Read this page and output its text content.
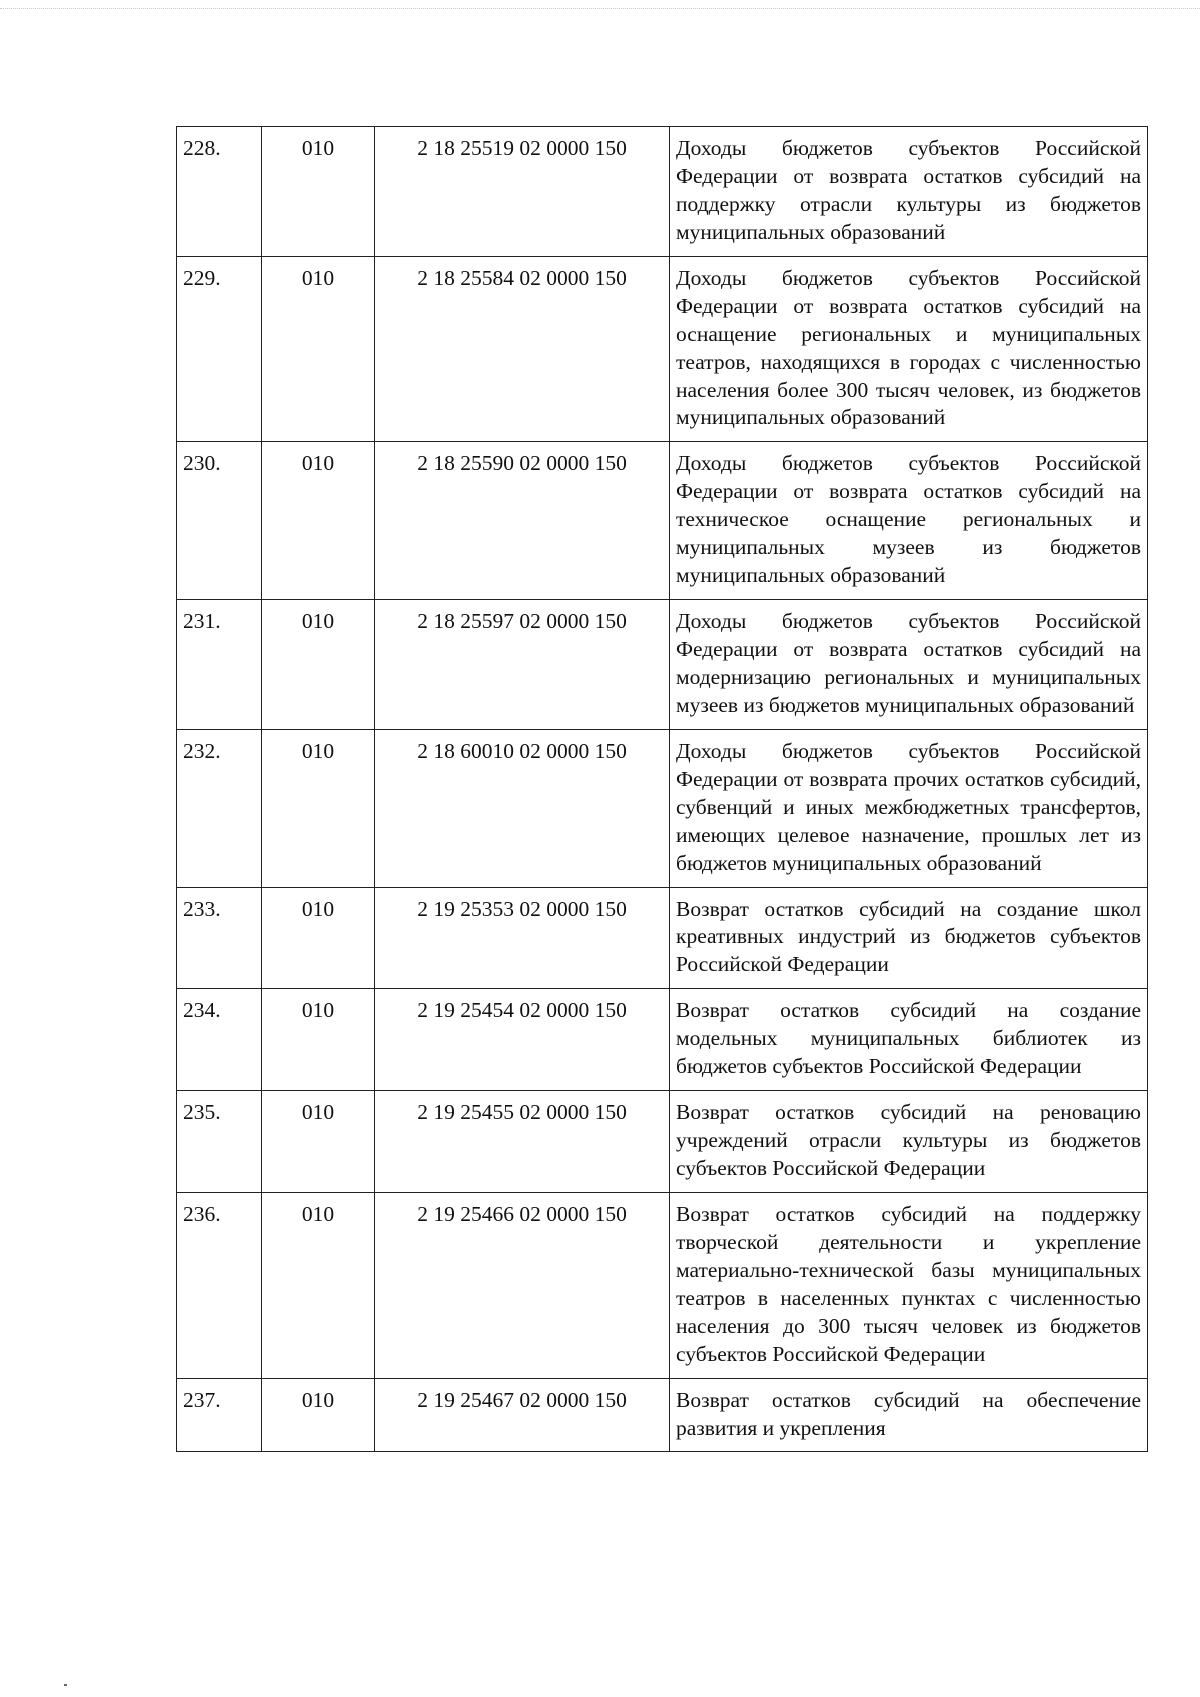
228.	010	2 18 25519 02 0000 150	Доходы бюджетов субъектов Российской Федерации от возврата остатков субсидий на поддержку отрасли культуры из бюджетов муниципальных образований
229.	010	2 18 25584 02 0000 150	Доходы бюджетов субъектов Российской Федерации от возврата остатков субсидий на оснащение региональных и муниципальных театров, находящихся в городах с численностью населения более 300 тысяч человек, из бюджетов муниципальных образований
230.	010	2 18 25590 02 0000 150	Доходы бюджетов субъектов Российской Федерации от возврата остатков субсидий на техническое оснащение региональных и муниципальных музеев из бюджетов муниципальных образований
231.	010	2 18 25597 02 0000 150	Доходы бюджетов субъектов Российской Федерации от возврата остатков субсидий на модернизацию региональных и муниципальных музеев из бюджетов муниципальных образований
232.	010	2 18 60010 02 0000 150	Доходы бюджетов субъектов Российской Федерации от возврата прочих остатков субсидий, субвенций и иных межбюджетных трансфертов, имеющих целевое назначение, прошлых лет из бюджетов муниципальных образований
233.	010	2 19 25353 02 0000 150	Возврат остатков субсидий на создание школ креативных индустрий из бюджетов субъектов Российской Федерации
234.	010	2 19 25454 02 0000 150	Возврат остатков субсидий на создание модельных муниципальных библиотек из бюджетов субъектов Российской Федерации
235.	010	2 19 25455 02 0000 150	Возврат остатков субсидий на реновацию учреждений отрасли культуры из бюджетов субъектов Российской Федерации
236.	010	2 19 25466 02 0000 150	Возврат остатков субсидий на поддержку творческой деятельности и укрепление материально-технической базы муниципальных театров в населенных пунктах с численностью населения до 300 тысяч человек из бюджетов субъектов Российской Федерации
237.	010	2 19 25467 02 0000 150	Возврат остатков субсидий на обеспечение развития и укрепления
